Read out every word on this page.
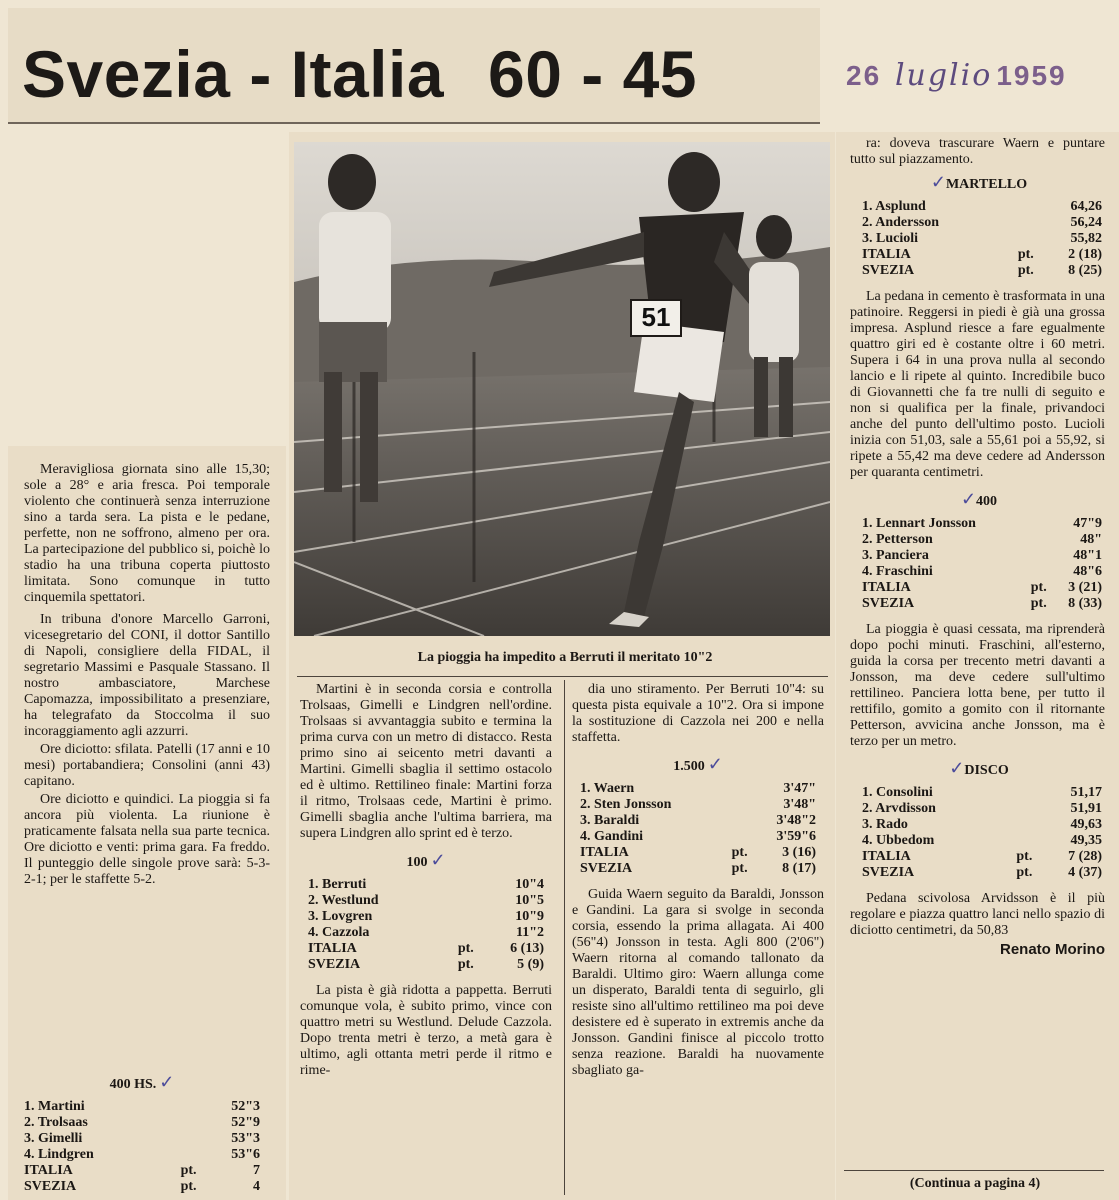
Svezia - Italia 60 - 45	26 luglio 1959
51
La pioggia ha impedito a Berruti il meritato 10"2

Meravigliosa giornata sino alle 15,30; sole a 28° e aria fresca. Poi temporale violento che continuerà senza interruzione sino a tarda sera. La pista e le pedane, perfette, non ne soffrono, almeno per ora. La partecipazione del pubblico si, poichè lo stadio ha una tribuna coperta piuttosto limitata. Sono comunque in tutto cinquemila spettatori.

In tribuna d'onore Marcello Garroni, vicesegretario del CONI, il dottor Santillo di Napoli, consigliere della FIDAL, il segretario Massimi e Pasquale Stassano. Il nostro ambasciatore, Marchese Capomazza, impossibilitato a presenziare, ha telegrafato da Stoccolma il suo incoraggiamento agli azzurri.

Ore diciotto: sfilata. Patelli (17 anni e 10 mesi) portabandiera; Consolini (anni 43) capitano.

Ore diciotto e quindici. La pioggia si fa ancora più violenta. La riunione è praticamente falsata nella sua parte tecnica. Ore diciotto e venti: prima gara. Fa freddo. Il punteggio delle singole prove sarà: 5-3-2-1; per le staffette 5-2.

400 HS. ✓
1. Martini		52"3
2. Trolsaas		52"9
3. Gimelli		53"3
4. Lindgren		53"6
ITALIA	pt.	7
SVEZIA	pt.	4

Martini è in seconda corsia e controlla Trolsaas, Gimelli e Lindgren nell'ordine. Trolsaas si avvantaggia subito e termina la prima curva con un metro di distacco. Resta primo sino ai seicento metri davanti a Martini. Gimelli sbaglia il settimo ostacolo ed è ultimo. Rettilineo finale: Martini forza il ritmo, Trolsaas cede, Martini è primo. Gimelli sbaglia anche l'ultima barriera, ma supera Lindgren allo sprint ed è terzo.

100 ✓
1. Berruti		10"4
2. Westlund		10"5
3. Lovgren		10"9
4. Cazzola		11"2
ITALIA	pt.	6 (13)
SVEZIA	pt.	5 (9)

La pista è già ridotta a pappetta. Berruti comunque vola, è subito primo, vince con quattro metri su Westlund. Delude Cazzola. Dopo trenta metri è terzo, a metà gara è ultimo, agli ottanta metri perde il ritmo e rime-

dia uno stiramento. Per Berruti 10"4: su questa pista equivale a 10"2. Ora si impone la sostituzione di Cazzola nei 200 e nella staffetta.

1.500 ✓
1. Waern		3'47"
2. Sten Jonsson		3'48"
3. Baraldi		3'48"2
4. Gandini		3'59"6
ITALIA	pt.	3 (16)
SVEZIA	pt.	8 (17)

Guida Waern seguito da Baraldi, Jonsson e Gandini. La gara si svolge in seconda corsia, essendo la prima allagata. Ai 400 (56"4) Jonsson in testa. Agli 800 (2'06") Waern ritorna al comando tallonato da Baraldi. Ultimo giro: Waern allunga come un disperato, Baraldi tenta di seguirlo, gli resiste sino all'ultimo rettilineo ma poi deve desistere ed è superato in extremis anche da Jonsson. Gandini finisce al piccolo trotto senza reazione. Baraldi ha nuovamente sbagliato ga-

ra: doveva trascurare Waern e puntare tutto sul piazzamento.

✓MARTELLO
1. Asplund		64,26
2. Andersson		56,24
3. Lucioli		55,82
ITALIA	pt.	2 (18)
SVEZIA	pt.	8 (25)

La pedana in cemento è trasformata in una patinoire. Reggersi in piedi è già una grossa impresa. Asplund riesce a fare egualmente quattro giri ed è costante oltre i 60 metri. Supera i 64 in una prova nulla al secondo lancio e li ripete al quinto. Incredibile buco di Giovannetti che fa tre nulli di seguito e non si qualifica per la finale, privandoci anche del punto dell'ultimo posto. Lucioli inizia con 51,03, sale a 55,61 poi a 55,92, si ripete a 55,42 ma deve cedere ad Andersson per quaranta centimetri.

✓400
1. Lennart Jonsson		47"9
2. Petterson		48"
3. Panciera		48"1
4. Fraschini		48"6
ITALIA	pt.	3 (21)
SVEZIA	pt.	8 (33)

La pioggia è quasi cessata, ma riprenderà dopo pochi minuti. Fraschini, all'esterno, guida la corsa per trecento metri davanti a Jonsson, ma deve cedere sull'ultimo rettilineo. Panciera lotta bene, per tutto il rettifilo, gomito a gomito con il ritornante Petterson, avvicina anche Jonsson, ma è terzo per un metro.

✓DISCO
1. Consolini		51,17
2. Arvdisson		51,91
3. Rado		49,63
4. Ubbedom		49,35
ITALIA	pt.	7 (28)
SVEZIA	pt.	4 (37)

Pedana scivolosa Arvidsson è il più regolare e piazza quattro lanci nello spazio di diciotto centimetri, da 50,83

Renato Morino
(Continua a pagina 4)
